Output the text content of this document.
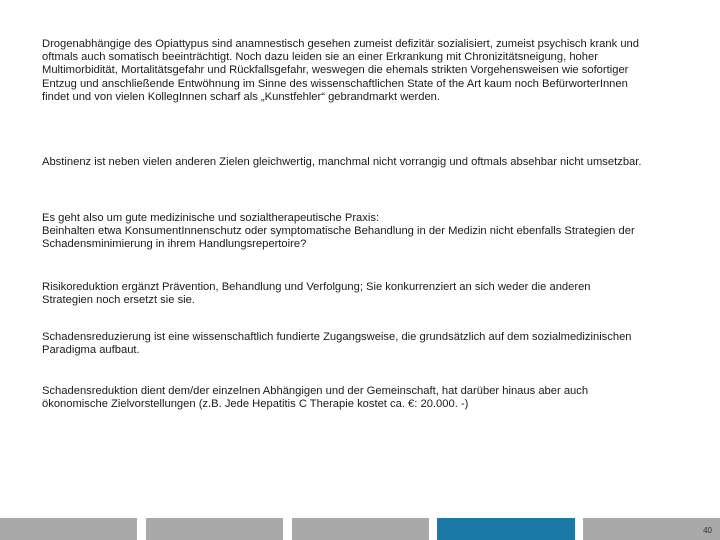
Drogenabhängige des Opiattypus sind anamnestisch gesehen zumeist defizitär sozialisiert, zumeist psychisch krank und oftmals auch somatisch beeinträchtigt. Noch dazu leiden sie an einer Erkrankung mit Chronizitätsneigung, hoher Multimorbidität, Mortalitätsgefahr und Rückfallsgefahr, weswegen die ehemals strikten Vorgehensweisen wie sofortiger Entzug und anschließende Entwöhnung im Sinne des wissenschaftlichen State of the Art kaum noch BefürworterInnen findet und von vielen KollegInnen scharf als „Kunstfehler“ gebrandmarkt werden.

Abstinenz ist neben vielen anderen Zielen gleichwertig, manchmal nicht vorrangig und oftmals absehbar nicht umsetzbar.

Es geht also um gute medizinische und sozialtherapeutische Praxis:
Beinhalten etwa KonsumentInnenschutz oder symptomatische Behandlung in der Medizin nicht ebenfalls Strategien der Schadensminimierung in ihrem Handlungsrepertoire?

Risikoreduktion ergänzt Prävention, Behandlung und Verfolgung; Sie konkurrenziert an sich weder die anderen Strategien noch ersetzt sie sie.

Schadensreduzierung ist eine wissenschaftlich fundierte Zugangsweise, die grundsätzlich auf dem sozialmedizinischen Paradigma aufbaut.

Schadensreduktion dient dem/der einzelnen Abhängigen und der Gemeinschaft, hat darüber hinaus aber auch ökonomische Zielvorstellungen (z.B. Jede Hepatitis C Therapie kostet ca. €: 20.000. -)

40
